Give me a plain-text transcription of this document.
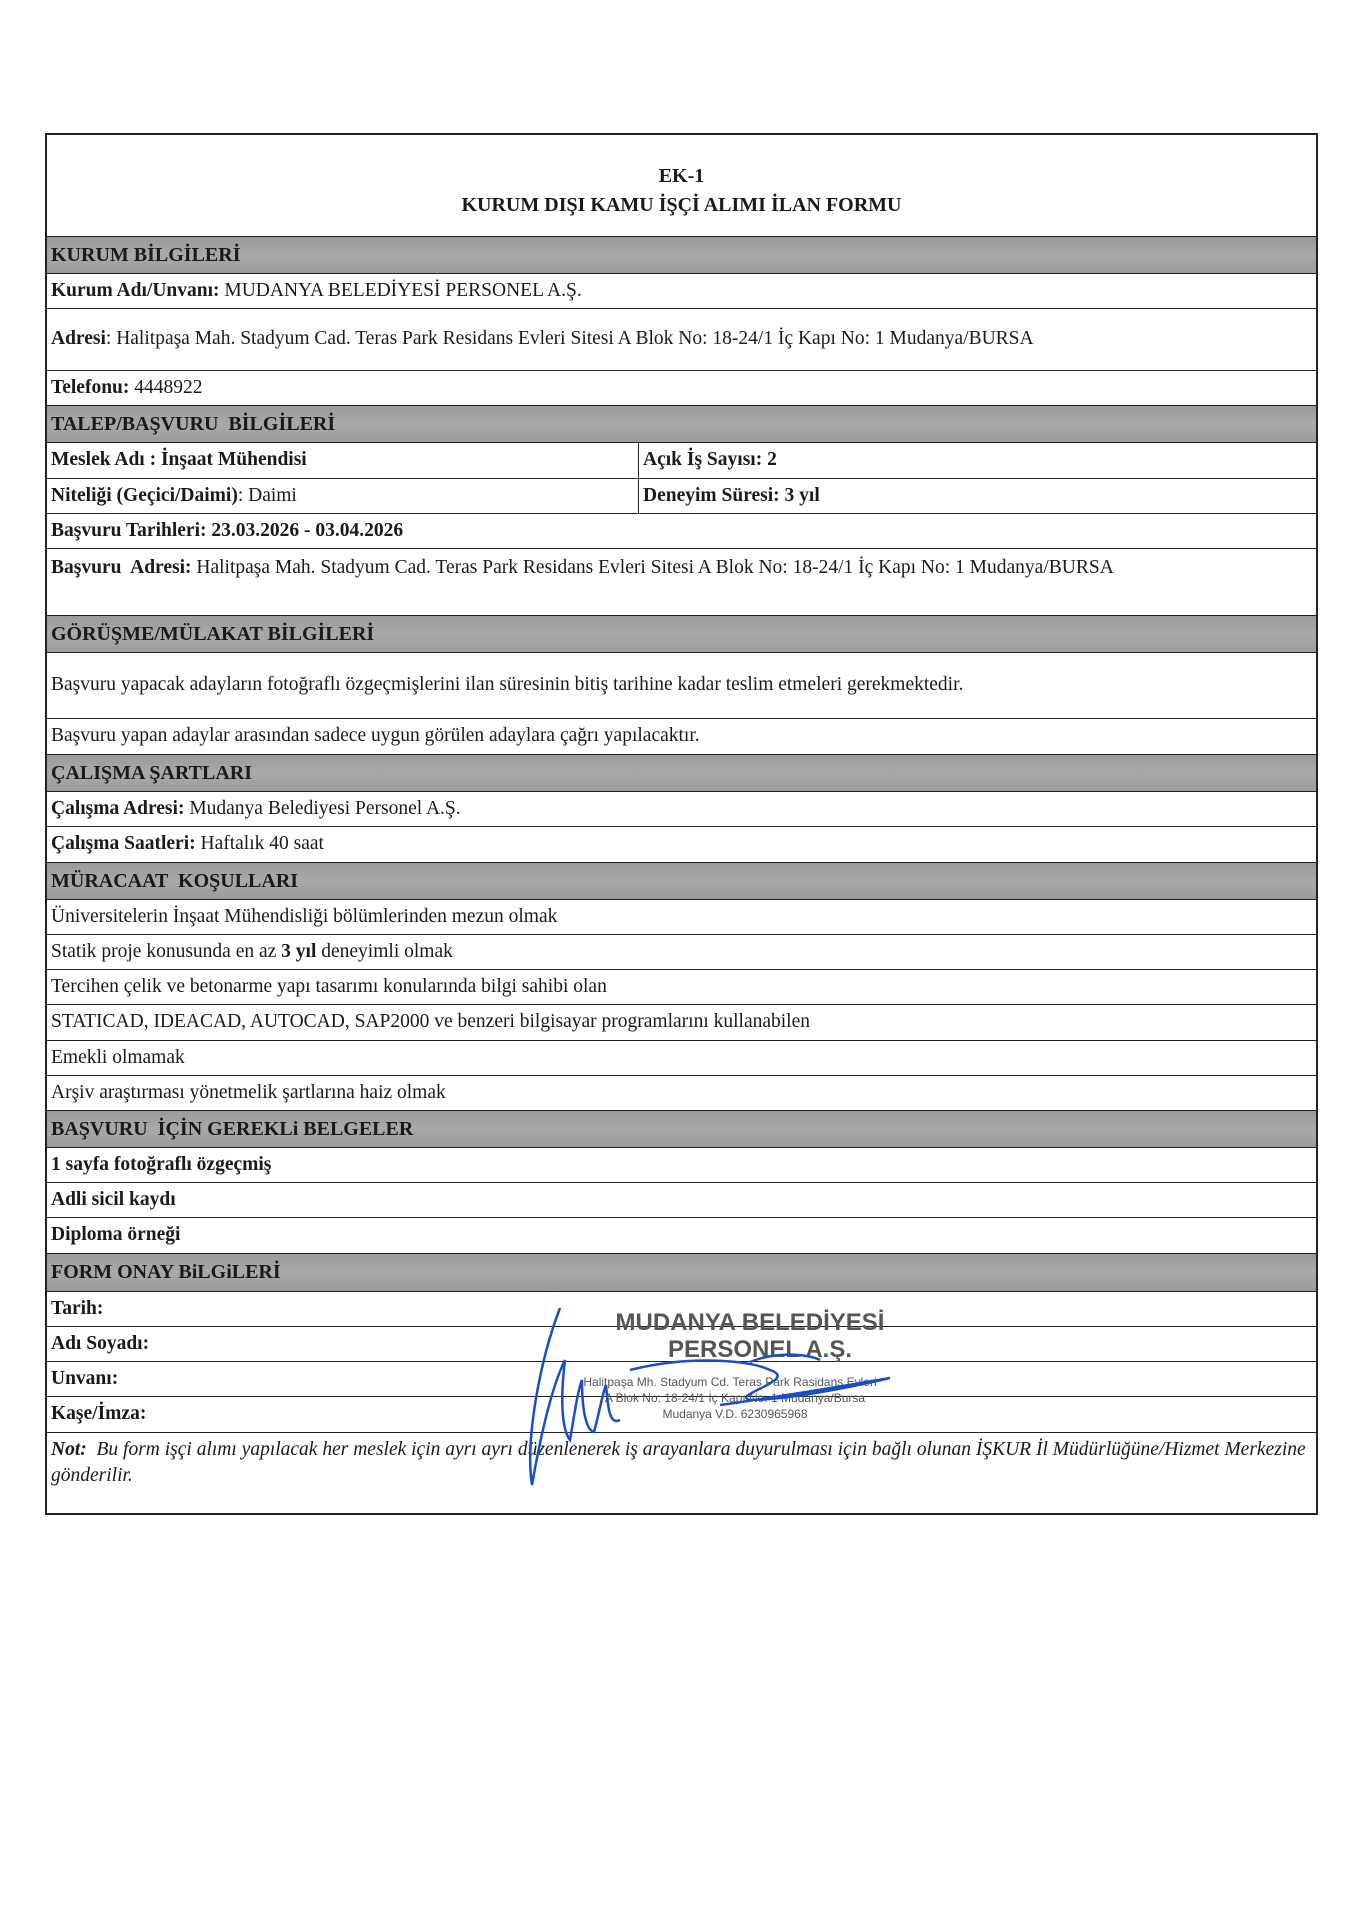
EK-1
KURUM DIŞI KAMU İŞÇİ ALIMI İLAN FORMU
KURUM BİLGİLERİ
Kurum Adı/Unvanı: MUDANYA BELEDİYESİ PERSONEL A.Ş.
Adresi : Halitpaşa Mah. Stadyum Cad. Teras Park Residans Evleri Sitesi A Blok No: 18-24/1 İç Kapı No: 1 Mudanya/BURSA
Telefonu: 4448922
TALEP/BAŞVURU  BİLGİLERİ
Meslek Adı : İnşaat Mühendisi	Açık İş Sayısı: 2
Niteliği (Geçici/Daimi) : Daimi	Deneyim Süresi: 3 yıl
Başvuru Tarihleri: 23.03.2026 - 03.04.2026
Başvuru  Adresi: Halitpaşa Mah. Stadyum Cad. Teras Park Residans Evleri Sitesi A Blok No: 18-24/1 İç Kapı No: 1 Mudanya/BURSA
GÖRÜŞME/MÜLAKAT BİLGİLERİ
Başvuru yapacak adayların fotoğraflı özgeçmişlerini ilan süresinin bitiş tarihine kadar teslim etmeleri gerekmektedir.
Başvuru yapan adaylar arasından sadece uygun görülen adaylara çağrı yapılacaktır.
ÇALIŞMA ŞARTLARI
Çalışma Adresi: Mudanya Belediyesi Personel A.Ş.
Çalışma Saatleri: Haftalık 40 saat
MÜRACAAT  KOŞULLARI
Üniversitelerin İnşaat Mühendisliği bölümlerinden mezun olmak
Statik proje konusunda en az 3 yıl deneyimli olmak
Tercihen çelik ve betonarme yapı tasarımı konularında bilgi sahibi olan
STATICAD, IDEACAD, AUTOCAD, SAP2000 ve benzeri bilgisayar programlarını kullanabilen
Emekli olmamak
Arşiv araştırması yönetmelik şartlarına haiz olmak
BAŞVURU  İÇİN GEREKLi BELGELER
1 sayfa fotoğraflı özgeçmiş
Adli sicil kaydı
Diploma örneği
FORM ONAY BiLGiLERİ
Tarih:
Adı Soyadı:
Unvanı:
Kaşe/İmza:
Not:  Bu form işçi alımı yapılacak her meslek için ayrı ayrı düzenlenerek iş arayanlara duyurulması için bağlı olunan İŞKUR İl Müdürlüğüne/Hizmet Merkezine gönderilir.
MUDANYA BELEDİYESİ
PERSONEL A.Ş.
Halitpaşa Mh. Stadyum Cd. Teras Park Rasidans Evleri
A Blok No: 18-24/1 İç Kapı No: 1 Mudanya/Bursa
Mudanya V.D. 6230965968
